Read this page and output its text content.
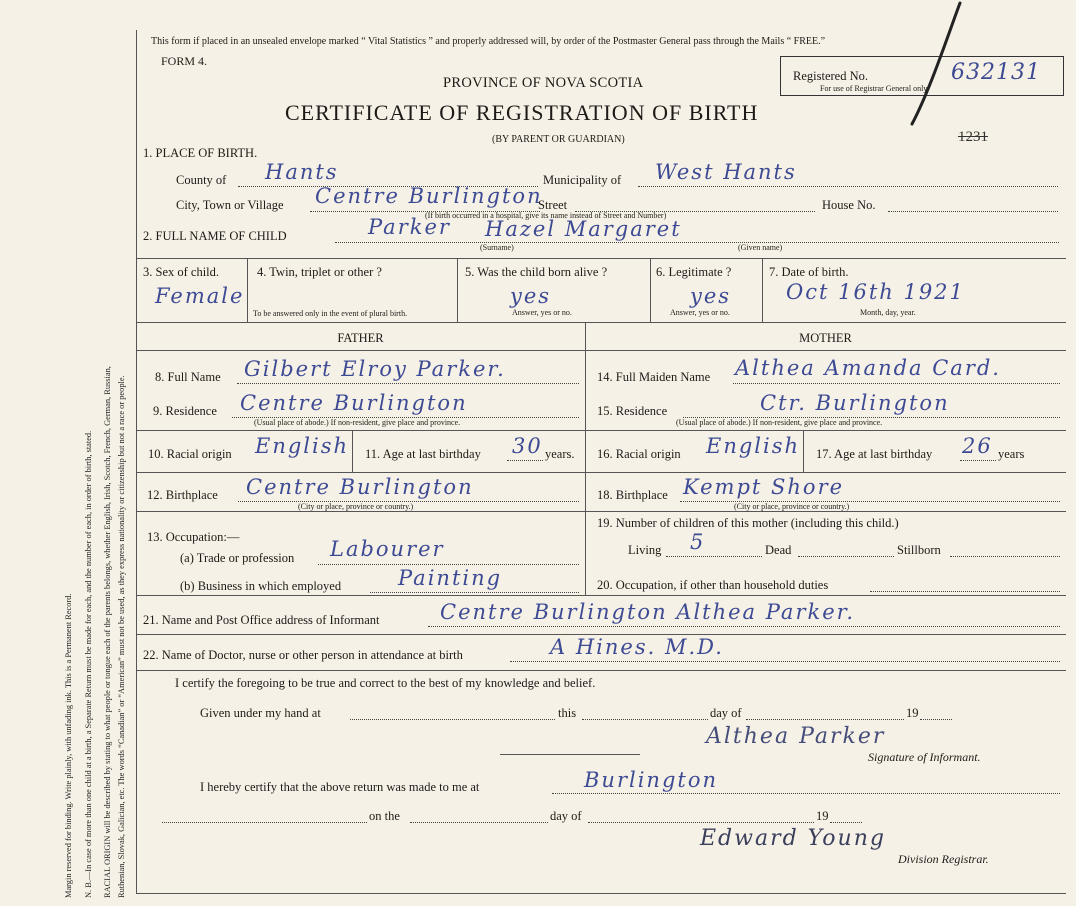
Margin reserved for binding. Write plainly, with unfading ink. This is a Permanent Record. N. B.—In case of more than one child at a birth, a Separate Return must be made for each, and the number of each, in order of birth, stated. RACIAL ORIGIN will be described by stating to what people or tongue each of the parents belongs, whether English, Irish, Scotch, French, German, Russian, Ruthenian, Slovak, Galician, etc. The words “Canadian” or “American” must not be used, as they express nationality or citizenship but not a race or people.
This form if placed in an unsealed envelope marked “ Vital Statistics ” and properly addressed will, by order of the Postmaster General pass through the Mails “ FREE.”
FORM 4.
PROVINCE OF NOVA SCOTIA
CERTIFICATE OF REGISTRATION OF BIRTH
(BY PARENT OR GUARDIAN)
Registered No.
For use of Registrar General only.
632131
1231
1. PLACE OF BIRTH.
County of Hants	Municipality of West Hants
City, Town or Village Centre Burlington
Street	House No.
(If birth occurred in a hospital, give its name instead of Street and Number)
2. FULL NAME OF CHILD	Parker Hazel Margaret
(Surname)	(Given name)
3. Sex of child.
Female
4. Twin, triplet or other ?
To be answered only in the event of plural birth.
5. Was the child born alive ?
yes
Answer, yes or no.
6. Legitimate ?
yes
Answer, yes or no.
7. Date of birth.
Oct 16th 1921
Month, day, year.
FATHER	MOTHER
8. Full Name Gilbert Elroy Parker.
9. Residence Centre Burlington
(Usual place of abode.) If non-resident, give place and province.
10. Racial origin English 11. Age at last birthday 30 years.
12. Birthplace Centre Burlington
(City or place, province or country.)
13. Occupation:—
(a) Trade or profession Labourer
(b) Business in which employed	Painting
14. Full Maiden Name Althea Amanda Card.
15. Residence	Ctr. Burlington
(Usual place of abode.) If non-resident, give place and province.
16. Racial origin English 17. Age at last birthday 26 years
18. Birthplace Kempt Shore
(City or place, province or country.)
19. Number of children of this mother (including this child.)
Living 5	Dead	Stillborn
20. Occupation, if other than household duties
21. Name and Post Office address of Informant	Centre Burlington Althea Parker.
22. Name of Doctor, nurse or other person in attendance at birth	A Hines. M.D.
I certify the foregoing to be true and correct to the best of my knowledge and belief.
Given under my hand at	this	day of	19
Althea Parker
Signature of Informant.
I hereby certify that the above return was made to me at	Burlington
on the	day of	19
Edward Young
Division Registrar.
